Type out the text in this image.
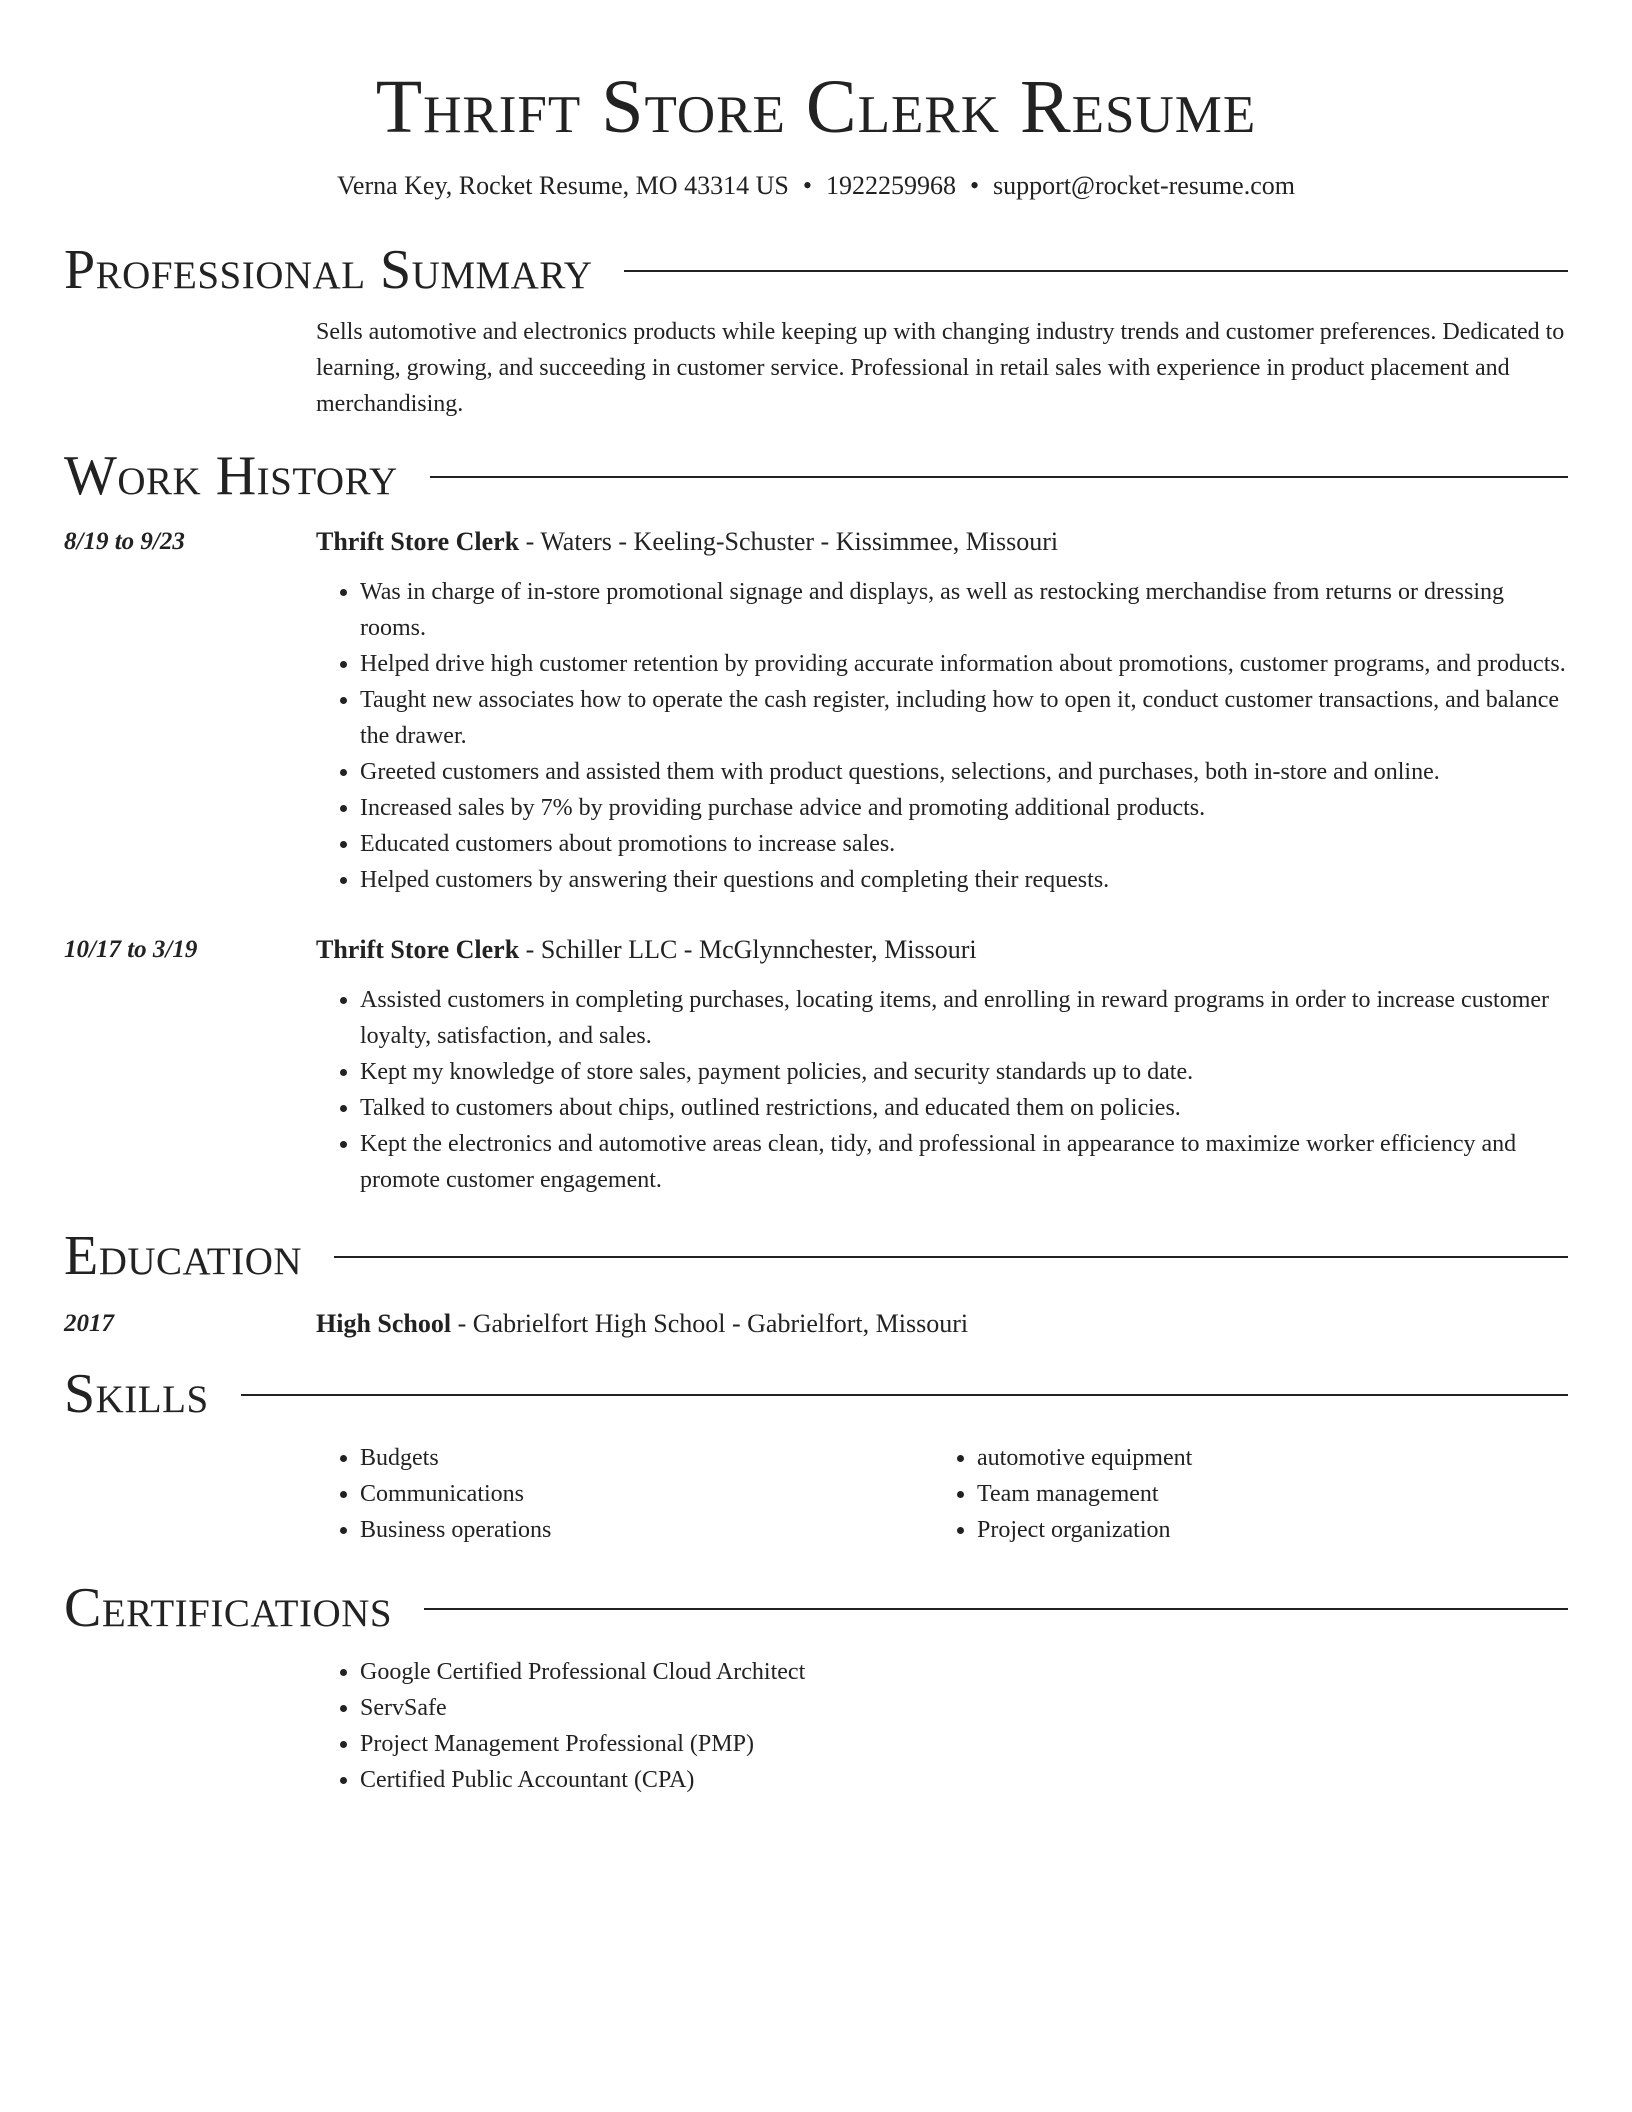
Thrift Store Clerk Resume
Verna Key, Rocket Resume, MO 43314 US • 1922259968 • support@rocket-resume.com
Professional Summary
Sells automotive and electronics products while keeping up with changing industry trends and customer preferences. Dedicated to learning, growing, and succeeding in customer service. Professional in retail sales with experience in product placement and merchandising.
Work History
8/19 to 9/23	Thrift Store Clerk - Waters - Keeling-Schuster - Kissimmee, Missouri
• Was in charge of in-store promotional signage and displays, as well as restocking merchandise from returns or dressing rooms.
• Helped drive high customer retention by providing accurate information about promotions, customer programs, and products.
• Taught new associates how to operate the cash register, including how to open it, conduct customer transactions, and balance the drawer.
• Greeted customers and assisted them with product questions, selections, and purchases, both in-store and online.
• Increased sales by 7% by providing purchase advice and promoting additional products.
• Educated customers about promotions to increase sales.
• Helped customers by answering their questions and completing their requests.
10/17 to 3/19	Thrift Store Clerk - Schiller LLC - McGlynnchester, Missouri
• Assisted customers in completing purchases, locating items, and enrolling in reward programs in order to increase customer loyalty, satisfaction, and sales.
• Kept my knowledge of store sales, payment policies, and security standards up to date.
• Talked to customers about chips, outlined restrictions, and educated them on policies.
• Kept the electronics and automotive areas clean, tidy, and professional in appearance to maximize worker efficiency and promote customer engagement.
Education
2017	High School - Gabrielfort High School - Gabrielfort, Missouri
Skills
• Budgets
• Communications
• Business operations
• automotive equipment
• Team management
• Project organization
Certifications
• Google Certified Professional Cloud Architect
• ServSafe
• Project Management Professional (PMP)
• Certified Public Accountant (CPA)
